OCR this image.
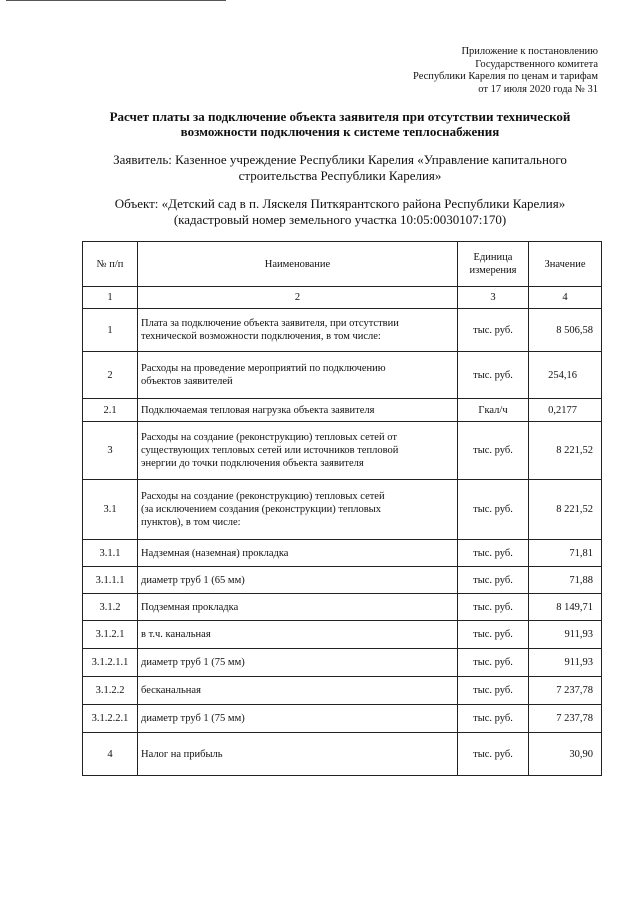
Приложение к постановлению
Государственного комитета
Республики Карелия по ценам и тарифам
от 17 июля 2020 года № 31
Расчет платы за подключение объекта заявителя при отсутствии технической
возможности подключения к системе теплоснабжения
Заявитель: Казенное учреждение Республики Карелия «Управление капитального
строительства Республики Карелия»
Объект: «Детский сад в п. Ляскеля Питкярантского района Республики Карелия»
(кадастровый номер земельного участка 10:05:0030107:170)
№ п/п	Наименование	Единица
измерения	Значение
1	2	3	4
1	Плата за подключение объекта заявителя, при отсутствии
технической возможности подключения, в том числе:	тыс. руб.	8 506,58
2	Расходы на проведение мероприятий по подключению
объектов заявителей	тыс. руб.	254,16
2.1	Подключаемая тепловая нагрузка объекта заявителя	Гкал/ч	0,2177
3	Расходы на создание (реконструкцию) тепловых сетей от
существующих тепловых сетей или источников тепловой
энергии до точки подключения объекта заявителя	тыс. руб.	8 221,52
3.1	Расходы на создание (реконструкцию) тепловых сетей
(за исключением создания (реконструкции) тепловых
пунктов), в том числе:	тыс. руб.	8 221,52
3.1.1	Надземная (наземная) прокладка	тыс. руб.	71,81
3.1.1.1	диаметр труб 1 (65 мм)	тыс. руб.	71,88
3.1.2	Подземная прокладка	тыс. руб.	8 149,71
3.1.2.1	в т.ч. канальная	тыс. руб.	911,93
3.1.2.1.1	диаметр труб 1 (75 мм)	тыс. руб.	911,93
3.1.2.2	бесканальная	тыс. руб.	7 237,78
3.1.2.2.1	диаметр труб 1 (75 мм)	тыс. руб.	7 237,78
4	Налог на прибыль	тыс. руб.	30,90
